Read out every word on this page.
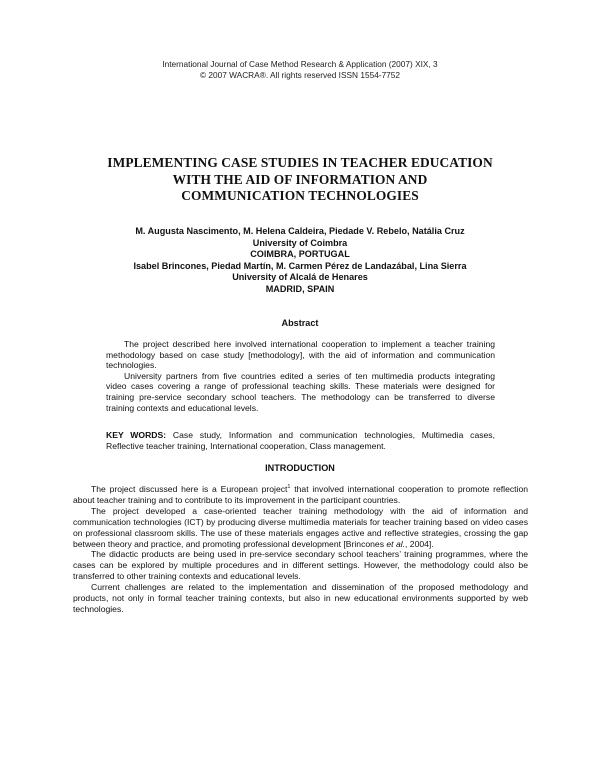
International Journal of Case Method Research & Application (2007) XIX, 3
© 2007 WACRA®. All rights reserved ISSN 1554-7752
IMPLEMENTING CASE STUDIES IN TEACHER EDUCATION
WITH THE AID OF INFORMATION AND
COMMUNICATION TECHNOLOGIES
M. Augusta Nascimento, M. Helena Caldeira, Piedade V. Rebelo, Natália Cruz
University of Coimbra
COIMBRA, PORTUGAL
Isabel Brincones, Piedad Martín, M. Carmen Pérez de Landazábal, Lina Sierra
University of Alcalá de Henares
MADRID, SPAIN
Abstract

The project described here involved international cooperation to implement a teacher training methodology based on case study [methodology], with the aid of information and communication technologies.

University partners from five countries edited a series of ten multimedia products integrating video cases covering a range of professional teaching skills. These materials were designed for training pre-service secondary school teachers. The methodology can be transferred to diverse training contexts and educational levels.

KEY WORDS: Case study, Information and communication technologies, Multimedia cases, Reflective teacher training, International cooperation, Class management.
INTRODUCTION

The project discussed here is a European project$^1$ that involved international cooperation to promote reflection about teacher training and to contribute to its improvement in the participant countries.

The project developed a case-oriented teacher training methodology with the aid of information and communication technologies (ICT) by producing diverse multimedia materials for teacher training based on video cases on professional classroom skills. The use of these materials engages active and reflective strategies, crossing the gap between theory and practice, and promoting professional development [Brincones et al., 2004].

The didactic products are being used in pre-service secondary school teachers’ training programmes, where the cases can be explored by multiple procedures and in different settings. However, the methodology could also be transferred to other training contexts and educational levels.

Current challenges are related to the implementation and dissemination of the proposed methodology and products, not only in formal teacher training contexts, but also in new educational environments supported by web technologies.
